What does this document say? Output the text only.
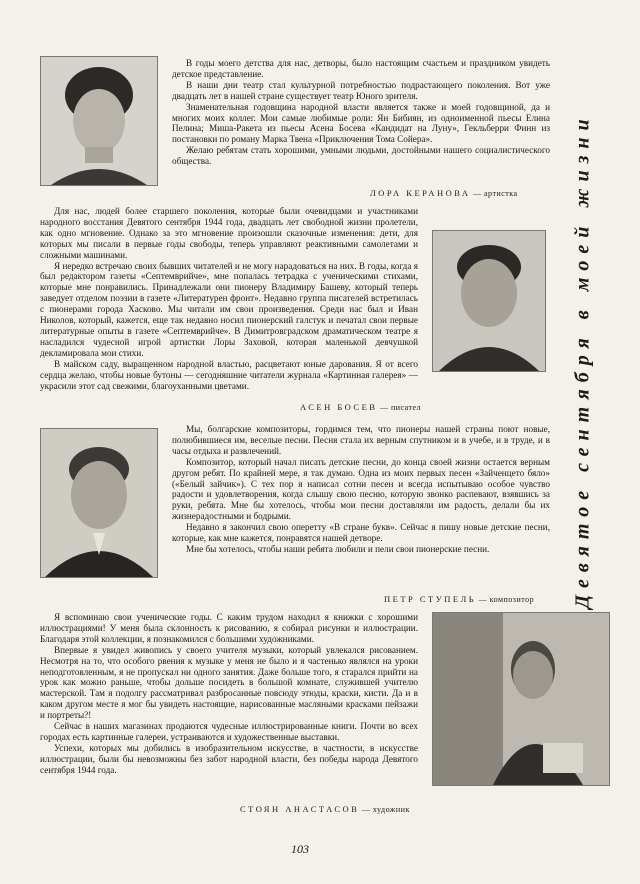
В годы моего детства для нас, детворы, было настоящим счастьем и праздником увидеть детское представление.

В наши дни театр стал культурной потребностью подрастающего поколения. Вот уже двадцать лет в нашей стране существует театр Юного зрителя.

Знаменательная годовщина народной власти является также и моей годовщиной, да и многих моих коллег. Мои самые любимые роли: Ян Бибиян, из одноименной пьесы Елина Пелина; Миша-Ракета из пьесы Асена Босева «Кандидат на Луну», Гекльберри Финн из постановки по роману Марка Твена «Приключения Тома Сойера».

Желаю ребятам стать хорошими, умными людьми, достойными нашего социалистического общества.

ЛОРА КЕРАНОВА — артистка

Для нас, людей более старшего поколения, которые были очевидцами и участниками народного восстания Девятого сентября 1944 года, двадцать лет свободной жизни пролетели, как одно мгновение. Однако за это мгновение произошли сказочные изменения: дети, для которых мы писали в первые годы свободы, теперь управляют реактивными самолетами и сложными машинами.

Я нередко встречаю своих бывших читателей и не могу нарадоваться на них. В годы, когда я был редактором газеты «Септемврийче», мне попалась тетрадка с ученическими стихами, которые мне понравились. Принадлежали они пионеру Владимиру Башеву, который теперь заведует отделом поэзии в газете «Литературен фронт». Недавно группа писателей встретилась с пионерами города Хасково. Мы читали им свои произведения. Среди нас был и Иван Николов, который, кажется, еще так недавно носил пионерский галстук и печатал свои первые литературные опыты в газете «Септемврийче». В Димитровградском драматическом театре я насладился чудесной игрой артистки Лоры Заховой, которая маленькой девчушкой декламировала мои стихи.

В майском саду, выращенном народной властью, расцветают юные дарования. Я от всего сердца желаю, чтобы новые бутоны — сегодняшние читатели журнала «Картинная галерея» — украсили этот сад свежими, благоуханными цветами.

АСЕН БОСЕВ — писател

Мы, болгарские композиторы, гордимся тем, что пионеры нашей страны поют новые, полюбившиеся им, веселые песни. Песня стала их верным спутником и в учебе, и в труде, и в часы отдыха и развлечений.

Композитор, который начал писать детские песни, до конца своей жизни остается верным другом ребят. По крайней мере, я так думаю. Одна из моих первых песен «Зайченцето бяло» («Белый зайчик»). С тех пор я написал сотни песен и всегда испытываю особое чувство радости и удовлетворения, когда слышу свою песню, которую звонко распевают, взявшись за руки, ребята. Мне бы хотелось, чтобы мои песни доставляли им радость, делали бы их жизнерадостными и бодрыми.

Недавно я закончил свою оперетту «В стране букв». Сейчас я пишу новые детские песни, которые, как мне кажется, понравятся нашей детворе.

Мне бы хотелось, чтобы наши ребята любили и пели свои пионерские песни.

ПЕТР СТУПЕЛЬ — композитор

Я вспоминаю свои ученические годы. С каким трудом находил я книжки с хорошими иллюстрациями! У меня была склонность к рисованию, я собирал рисунки и иллюстрации. Благодаря этой коллекции, я познакомился с большими художниками.

Впервые я увидел живопись у своего учителя музыки, который увлекался рисованием. Несмотря на то, что особого рвения к музыке у меня не было и я частенько являлся на уроки неподготовленным, я не пропускал ни одного занятия. Даже больше того, я старался прийти на урок как можно раньше, чтобы дольше посидеть в большой комнате, служившей учителю мастерской. Там я подолгу рассматривал разбросанные повсюду этюды, краски, кисти. Да и в каком другом месте я мог бы увидеть настоящие, нарисованные масляными красками пейзажи и портреты?!

Сейчас в наших магазинах продаются чудесные иллюстрированные книги. Почти во всех городах есть картинные галереи, устраиваются и художественные выставки.

Успехи, которых мы добились в изобразительном искусстве, в частности, в искусстве иллюстрации, были бы невозможны без забот народной власти, без победы народа Девятого сентября 1944 года.

СТОЯН АНАСТАСОВ — художник
Девятое сентября в моей жизни
103
